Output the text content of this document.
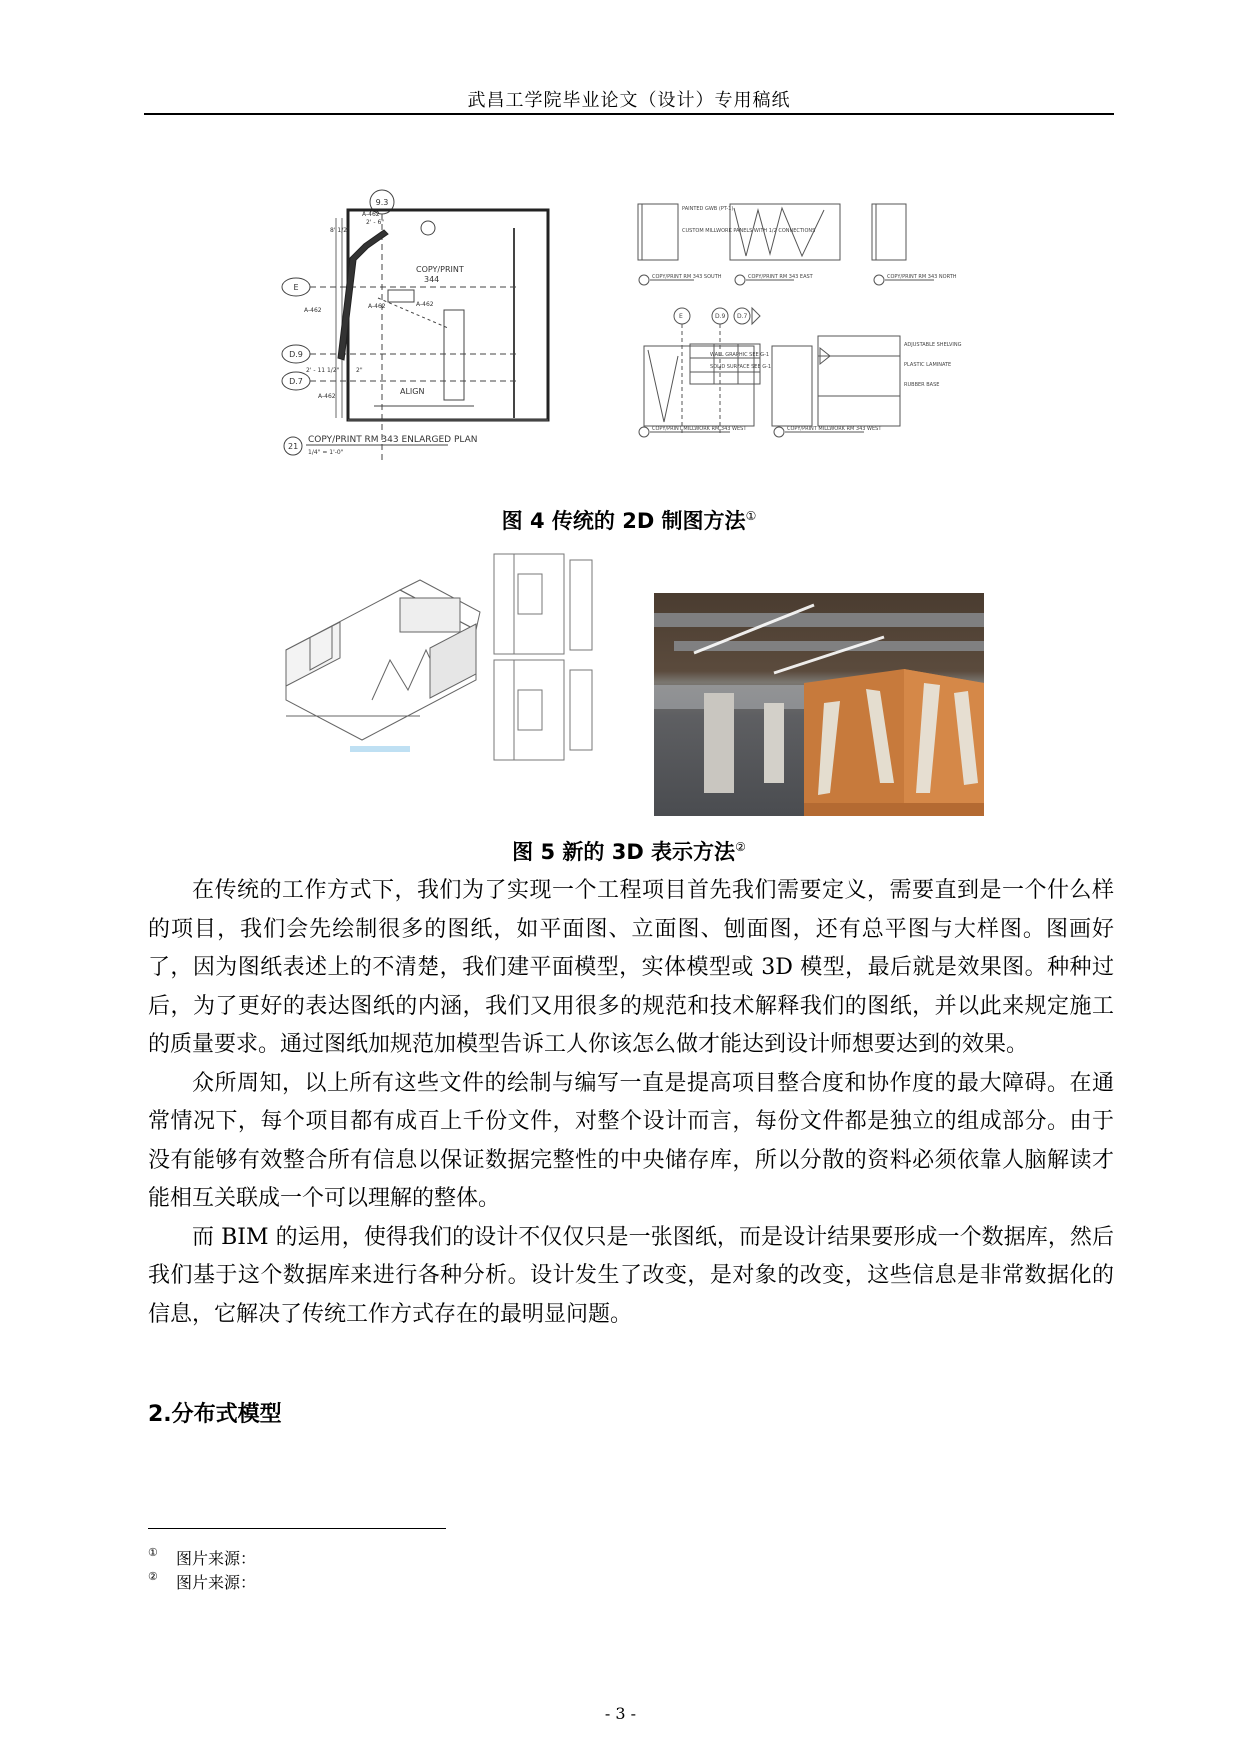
武昌工学院毕业论文（设计）专用稿纸
9.3
E
D.9
D.7
COPY/PRINT
344
ALIGN
21
COPY/PRINT RM 343 ENLARGED PLAN
1/4" = 1'-0"
8' 1/2"
2' - 6"
2' - 11 1/2"	2"
A-462
A-462
A-462	A-462
A-462
COPY/PRINT RM 343 SOUTH	COPY/PRINT RM 343 EAST	COPY/PRINT RM 343 NORTH
COPY/PRINT MILLWORK RM 343 WEST	COPY/PRINT MILLWORK RM 343 WEST
PAINTED GWB (PT-1)
CUSTOM MILLWORK PANELS WITH 1/2 CONNECTIONS
WALL GRAPHIC SEE G-1
SOLID SURFACE SEE G-1
ADJUSTABLE SHELVING
PLASTIC LAMINATE
RUBBER BASE
E	D.9 D.7
图 4 传统的 2D 制图方法①
图 5 新的 3D 表示方法②

在传统的工作方式下，我们为了实现一个工程项目首先我们需要定义，需要直到是一个什么样的项目，我们会先绘制很多的图纸，如平面图、立面图、刨面图，还有总平图与大样图。图画好了，因为图纸表述上的不清楚，我们建平面模型，实体模型或 3D 模型，最后就是效果图。种种过后，为了更好的表达图纸的内涵，我们又用很多的规范和技术解释我们的图纸，并以此来规定施工的质量要求。通过图纸加规范加模型告诉工人你该怎么做才能达到设计师想要达到的效果。

众所周知，以上所有这些文件的绘制与编写一直是提高项目整合度和协作度的最大障碍。在通常情况下，每个项目都有成百上千份文件，对整个设计而言，每份文件都是独立的组成部分。由于没有能够有效整合所有信息以保证数据完整性的中央储存库，所以分散的资料必须依靠人脑解读才能相互关联成一个可以理解的整体。

而 BIM 的运用，使得我们的设计不仅仅只是一张图纸，而是设计结果要形成一个数据库，然后我们基于这个数据库来进行各种分析。设计发生了改变，是对象的改变，这些信息是非常数据化的信息，它解决了传统工作方式存在的最明显问题。

2.分布式模型
① 图片来源：
② 图片来源：
- 3 -
